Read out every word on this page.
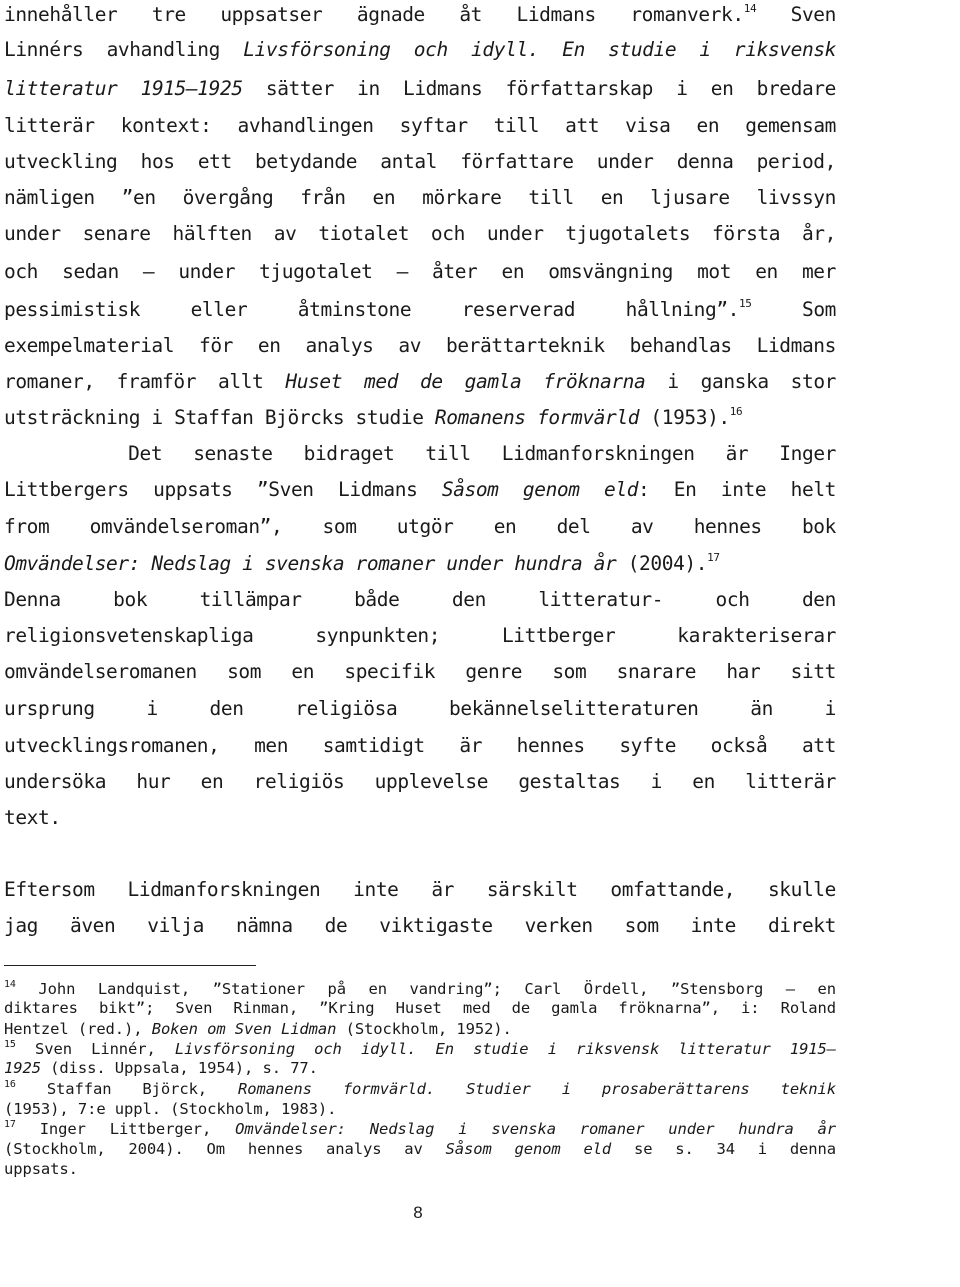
innehåller tre uppsatser ägnade åt Lidmans romanverk.$^{14}$ Sven
Linnérs avhandling Livsförsoning och idyll. En studie i riksvensk
litteratur 1915–1925 sätter in Lidmans författarskap i en bredare
litterär kontext: avhandlingen syftar till att visa en gemensam
utveckling hos ett betydande antal författare under denna period,
nämligen ”en övergång från en mörkare till en ljusare livssyn
under senare hälften av tiotalet och under tjugotalets första år,
och sedan – under tjugotalet – åter en omsvängning mot en mer
pessimistisk eller åtminstone reserverad hållning”.$^{15}$ Som
exempelmaterial för en analys av berättarteknik behandlas Lidmans
romaner, framför allt Huset med de gamla fröknarna i ganska stor
utsträckning i Staffan Björcks studie Romanens formvärld (1953).$^{16}$
Det senaste bidraget till Lidmanforskningen är Inger
Littbergers uppsats ”Sven Lidmans Såsom genom eld: En inte helt
from omvändelseroman”, som utgör en del av hennes bok
Omvändelser: Nedslag i svenska romaner under hundra år (2004).$^{17}$
Denna bok tillämpar både den litteratur- och den
religionsvetenskapliga synpunkten; Littberger karakteriserar
omvändelseromanen som en specifik genre som snarare har sitt
ursprung i den religiösa bekännelselitteraturen än i
utvecklingsromanen, men samtidigt är hennes syfte också att
undersöka hur en religiös upplevelse gestaltas i en litterär
text.
Eftersom Lidmanforskningen inte är särskilt omfattande, skulle
jag även vilja nämna de viktigaste verken som inte direkt
$^{14}$ John Landquist, ”Stationer på en vandring”; Carl Ördell, ”Stensborg – en
diktares bikt”; Sven Rinman, ”Kring Huset med de gamla fröknarna”, i: Roland
Hentzel (red.), Boken om Sven Lidman (Stockholm, 1952).
$^{15}$ Sven Linnér, Livsförsoning och idyll. En studie i riksvensk litteratur 1915–
1925 (diss. Uppsala, 1954), s. 77.
$^{16}$ Staffan Björck, Romanens formvärld. Studier i prosaberättarens teknik
(1953), 7:e uppl. (Stockholm, 1983).
$^{17}$ Inger Littberger, Omvändelser: Nedslag i svenska romaner under hundra år
(Stockholm, 2004). Om hennes analys av Såsom genom eld se s. 34 i denna
uppsats.
8
